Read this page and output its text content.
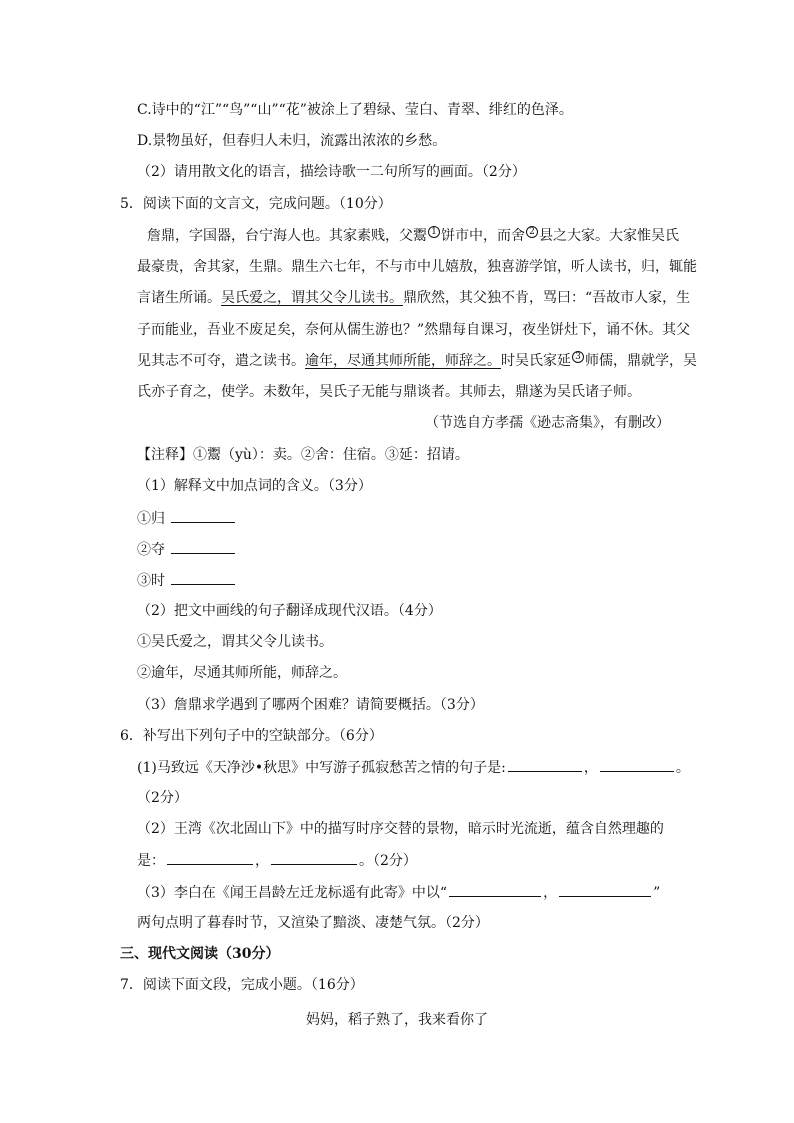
C.诗中的“江”“鸟”“山”“花”被涂上了碧绿、莹白、青翠、绯红的色泽。
D.景物虽好，但春归人未归，流露出浓浓的乡愁。
（2）请用散文化的语言，描绘诗歌一二句所写的画面。（2分）
5．阅读下面的文言文，完成问题。（10分）
詹鼎，字国器，台宁海人也。其家素贱，父鬻 1 饼市中，而舍 2 县之大家。大家惟吴氏
最豪贵，舍其家，生鼎。鼎生六七年，不与市中儿嬉敖，独喜游学馆，听人读书，归，辄能
言诸生所诵。吴氏爱之，谓其父令儿读书。鼎欣然，其父独不肯，骂曰：“吾故市人家，生
子而能业，吾业不废足矣，奈何从儒生游也？”然鼎每自课习，夜坐饼灶下，诵不休。其父
见其志不可夺，遣之读书。逾年，尽通其师所能，师辞之。时吴氏家延 3 师儒，鼎就学，吴
氏亦子育之，使学。未数年，吴氏子无能与鼎谈者。其师去，鼎遂为吴氏诸子师。
（节选自方孝孺《逊志斋集》，有删改）
【注释】①鬻（yù）：卖。②舍：住宿。③延：招请。
（1）解释文中加点词的含义。（3分）
①归
②夺
③时
（2）把文中画线的句子翻译成现代汉语。（4分）
①吴氏爱之，谓其父令儿读书。
②逾年，尽通其师所能，师辞之。
（3）詹鼎求学遇到了哪两个困难？请简要概括。（3分）
6．补写出下列句子中的空缺部分。（6分）
(1)马致远《天净沙•秋思》中写游子孤寂愁苦之情的句子是:	，	。
（2分）
（2）王湾《次北固山下》中的描写时序交替的景物，暗示时光流逝，蕴含自然理趣的
是：	，	。（2分）
（3）李白在《闻王昌龄左迁龙标遥有此寄》中以“	，	”
两句点明了暮春时节，又渲染了黯淡、凄楚气氛。（2分）
三、现代文阅读（30分）
7．阅读下面文段，完成小题。（16分）
妈妈，稻子熟了，我来看你了
